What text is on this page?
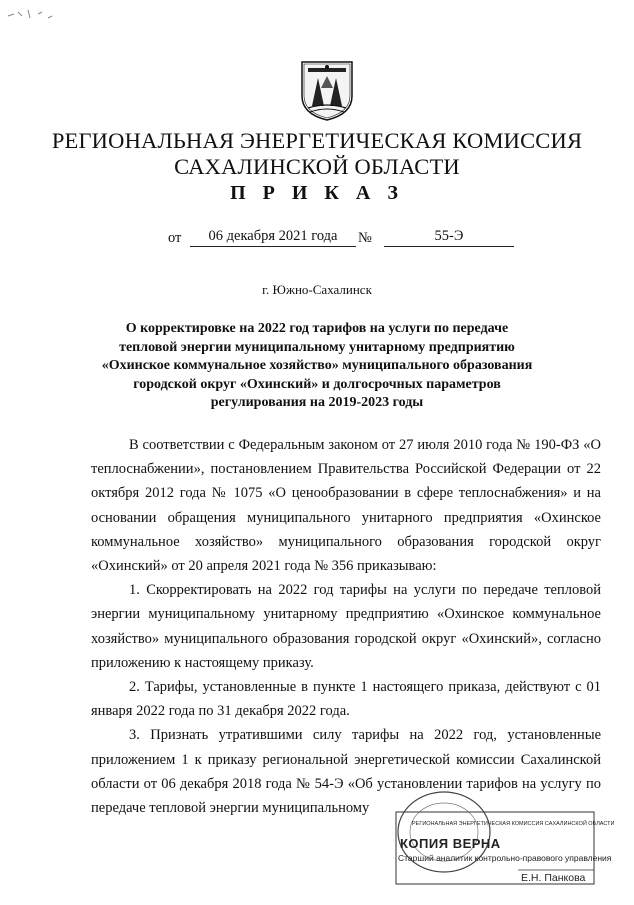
РЕГИОНАЛЬНАЯ ЭНЕРГЕТИЧЕСКАЯ КОМИССИЯ
САХАЛИНСКОЙ ОБЛАСТИ
П Р И К А З
от	06 декабря 2021 года	№	55-Э
г. Южно-Сахалинск
О корректировке на 2022 год тарифов на услуги по передаче тепловой энергии муниципальному унитарному предприятию «Охинское коммунальное хозяйство» муниципального образования городской округ «Охинский» и долгосрочных параметров регулирования на 2019-2023 годы

В соответствии с Федеральным законом от 27 июля 2010 года № 190-ФЗ «О теплоснабжении», постановлением Правительства Российской Федерации от 22 октября 2012 года № 1075 «О ценообразовании в сфере теплоснабжения» и на основании обращения муниципального унитарного предприятия «Охинское коммунальное хозяйство» муниципального образования городской округ «Охинский» от 20 апреля 2021 года № 356 приказываю:

1. Скорректировать на 2022 год тарифы на услуги по передаче тепловой энергии муниципальному унитарному предприятию «Охинское коммунальное хозяйство» муниципального образования городской округ «Охинский», согласно приложению к настоящему приказу.

2. Тарифы, установленные в пункте 1 настоящего приказа, действуют с 01 января 2022 года по 31 декабря 2022 года.

3. Признать утратившими силу тарифы на 2022 год, установленные приложением 1 к приказу региональной энергетической комиссии Сахалинской области от 06 декабря 2018 года № 54-Э «Об установлении тарифов на услугу по передаче тепловой энергии муниципальному

РЕГИОНАЛЬНАЯ ЭНЕРГЕТИЧЕСКАЯ КОМИССИЯ САХАЛИНСКОЙ ОБЛАСТИ
КОПИЯ ВЕРНА
Старший аналитик контрольно-правового управления
Е.Н. Панкова
